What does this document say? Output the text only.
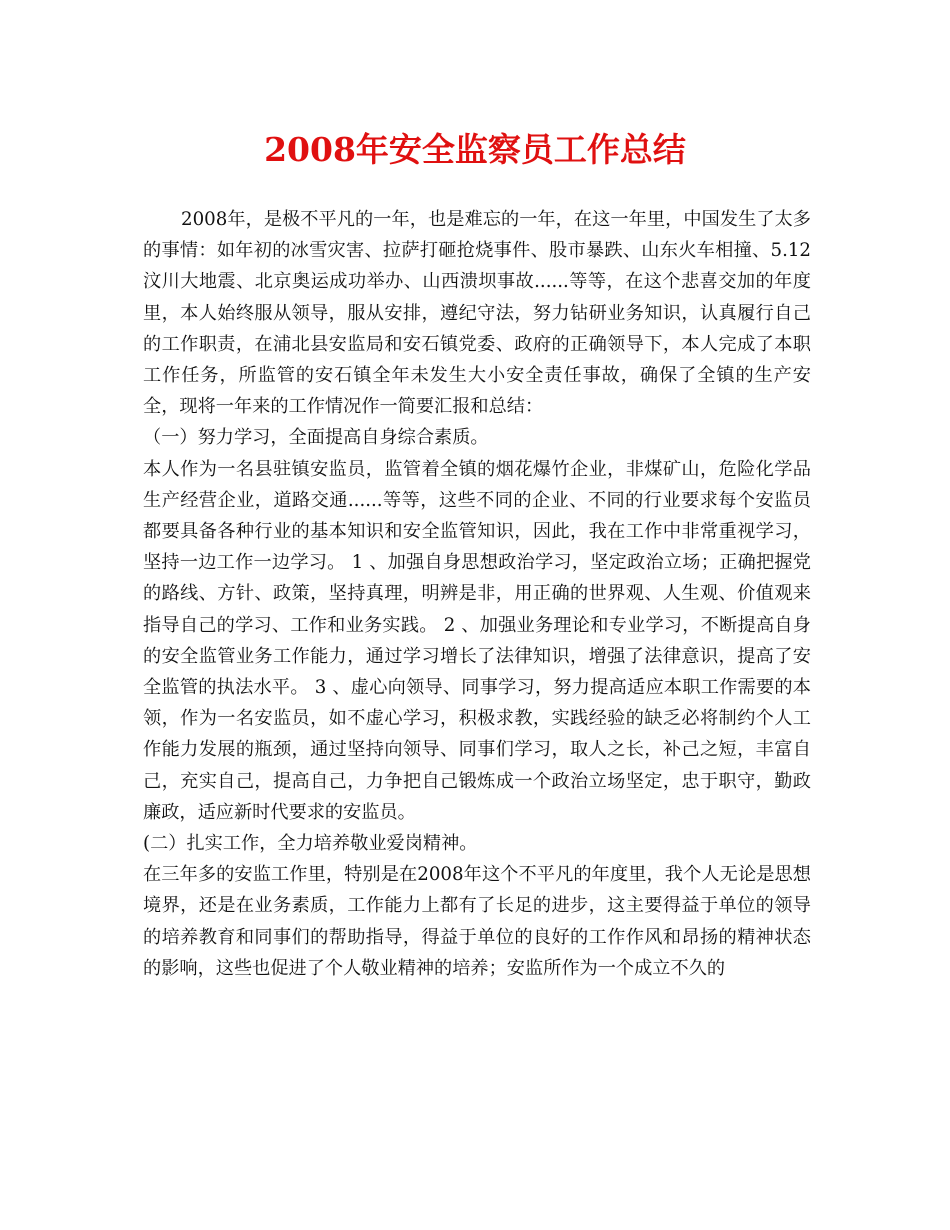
2008年安全监察员工作总结

2008年，是极不平凡的一年，也是难忘的一年，在这一年里，中国发生了太多的事情：如年初的冰雪灾害、拉萨打砸抢烧事件、股市暴跌、山东火车相撞、5.12汶川大地震、北京奥运成功举办、山西溃坝事故......等等，在这个悲喜交加的年度里，本人始终服从领导，服从安排，遵纪守法，努力钻研业务知识，认真履行自己的工作职责，在浦北县安监局和安石镇党委、政府的正确领导下，本人完成了本职工作任务，所监管的安石镇全年未发生大小安全责任事故，确保了全镇的生产安全，现将一年来的工作情况作一简要汇报和总结：

（一）努力学习，全面提高自身综合素质。

本人作为一名县驻镇安监员，监管着全镇的烟花爆竹企业，非煤矿山，危险化学品生产经营企业，道路交通......等等，这些不同的企业、不同的行业要求每个安监员都要具备各种行业的基本知识和安全监管知识，因此，我在工作中非常重视学习，坚持一边工作一边学习。 1 、加强自身思想政治学习，坚定政治立场；正确把握党的路线、方针、政策，坚持真理，明辨是非，用正确的世界观、人生观、价值观来指导自己的学习、工作和业务实践。 2 、加强业务理论和专业学习，不断提高自身的安全监管业务工作能力，通过学习增长了法律知识，增强了法律意识，提高了安全监管的执法水平。 3 、虚心向领导、同事学习，努力提高适应本职工作需要的本领，作为一名安监员，如不虚心学习，积极求教，实践经验的缺乏必将制约个人工作能力发展的瓶颈，通过坚持向领导、同事们学习，取人之长，补己之短，丰富自己，充实自己，提高自己，力争把自己锻炼成一个政治立场坚定，忠于职守，勤政廉政，适应新时代要求的安监员。

(二）扎实工作，全力培养敬业爱岗精神。

在三年多的安监工作里，特别是在2008年这个不平凡的年度里，我个人无论是思想境界，还是在业务素质，工作能力上都有了长足的进步，这主要得益于单位的领导的培养教育和同事们的帮助指导，得益于单位的良好的工作作风和昂扬的精神状态的影响，这些也促进了个人敬业精神的培养；安监所作为一个成立不久的
